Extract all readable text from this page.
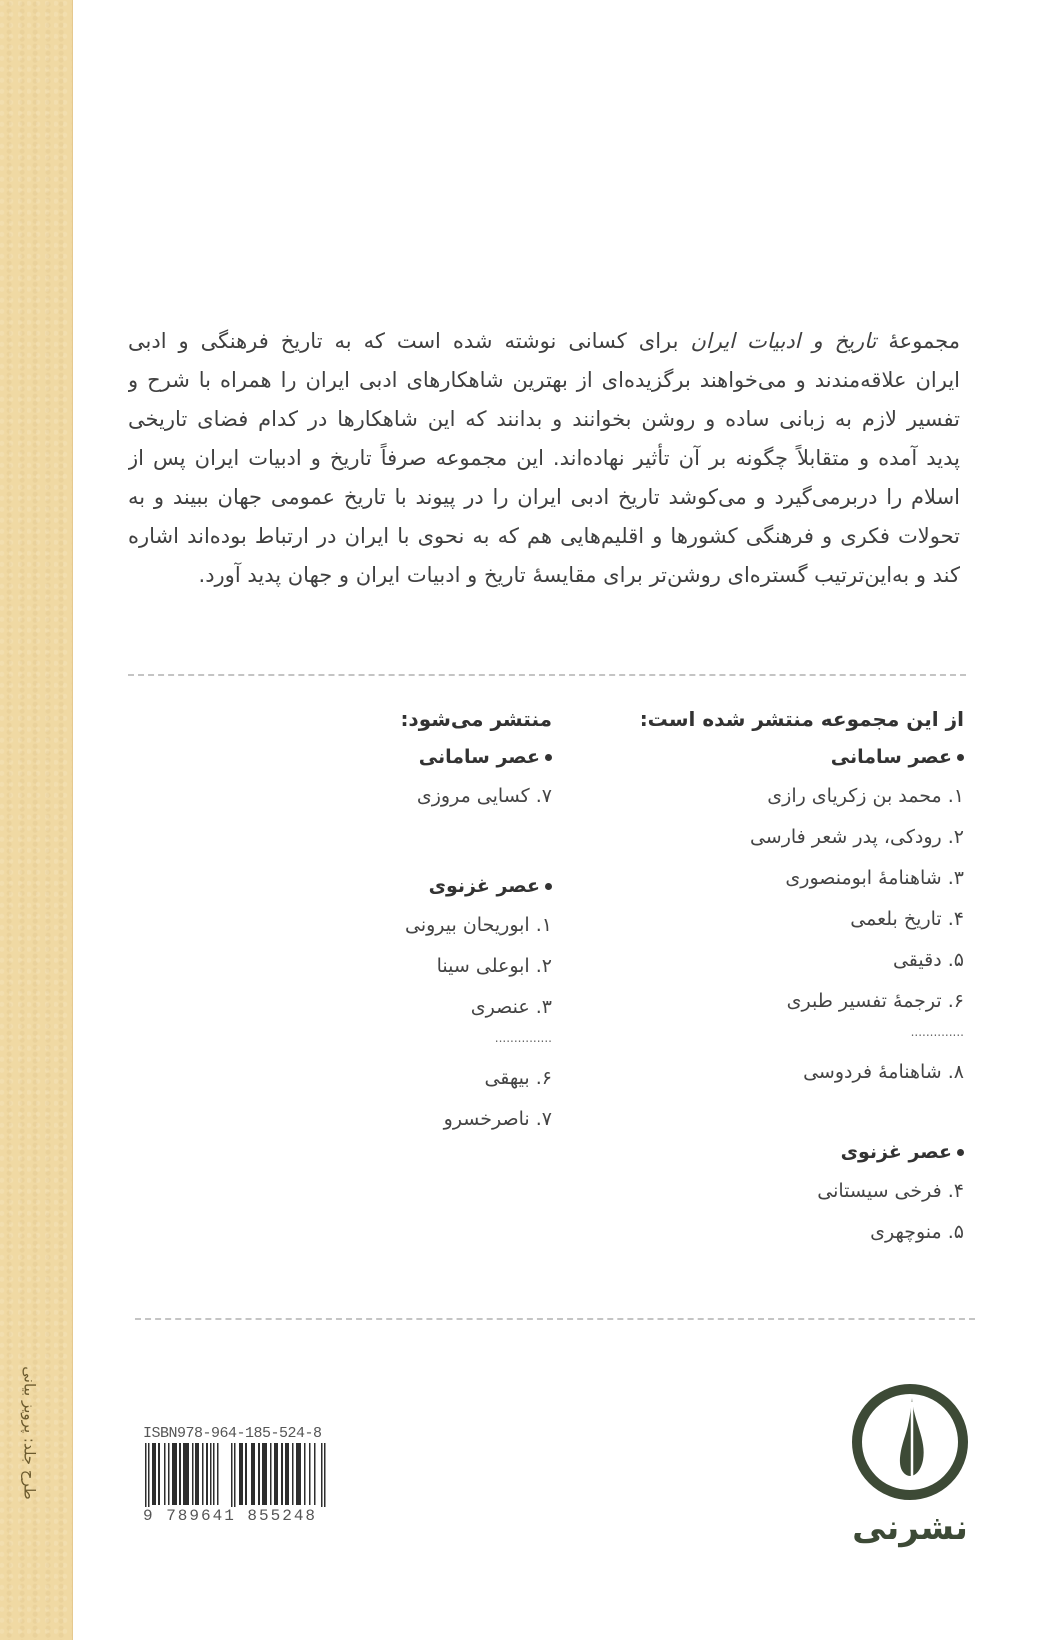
طرح جلد: پرویز بیانی
مجموعهٔ تاریخ و ادبیات ایران برای کسانی نوشته شده است که به تاریخ فرهنگی و ادبی
ایران علاقه‌مندند و می‌خواهند برگزیده‌ای از بهترین شاهکارهای ادبی ایران را همراه با شرح و
تفسیر لازم به زبانی ساده و روشن بخوانند و بدانند که این شاهکارها در کدام فضای تاریخی
پدید آمده و متقابلاً چگونه بر آن تأثیر نهاده‌اند. این مجموعه صرفاً تاریخ و ادبیات ایران پس از
اسلام را دربرمی‌گیرد و می‌کوشد تاریخ ادبی ایران را در پیوند با تاریخ عمومی جهان ببیند و به
تحولات فکری و فرهنگی کشورها و اقلیم‌هایی هم که به نحوی با ایران در ارتباط بوده‌اند اشاره
کند و به‌این‌ترتیب گستره‌ای روشن‌تر برای مقایسهٔ تاریخ و ادبیات ایران و جهان پدید آورد.
از این مجموعه منتشر شده است:
عصر سامانی
۱. محمد بن زکریای رازی
۲. رودکی، پدر شعر فارسی
۳. شاهنامهٔ ابومنصوری
۴. تاریخ بلعمی
۵. دقیقی
۶. ترجمهٔ تفسیر طبری
..............
۸. شاهنامهٔ فردوسی
عصر غزنوی
۴. فرخی سیستانی
۵. منوچهری
منتشر می‌شود:
عصر سامانی
۷. کسایی مروزی
عصر غزنوی
۱. ابوریحان بیرونی
۲. ابوعلی سینا
۳. عنصری
...............
۶. بیهقی
۷. ناصرخسرو
ISBN978-964-185-524-8
9 789641 855248	نشرنی
